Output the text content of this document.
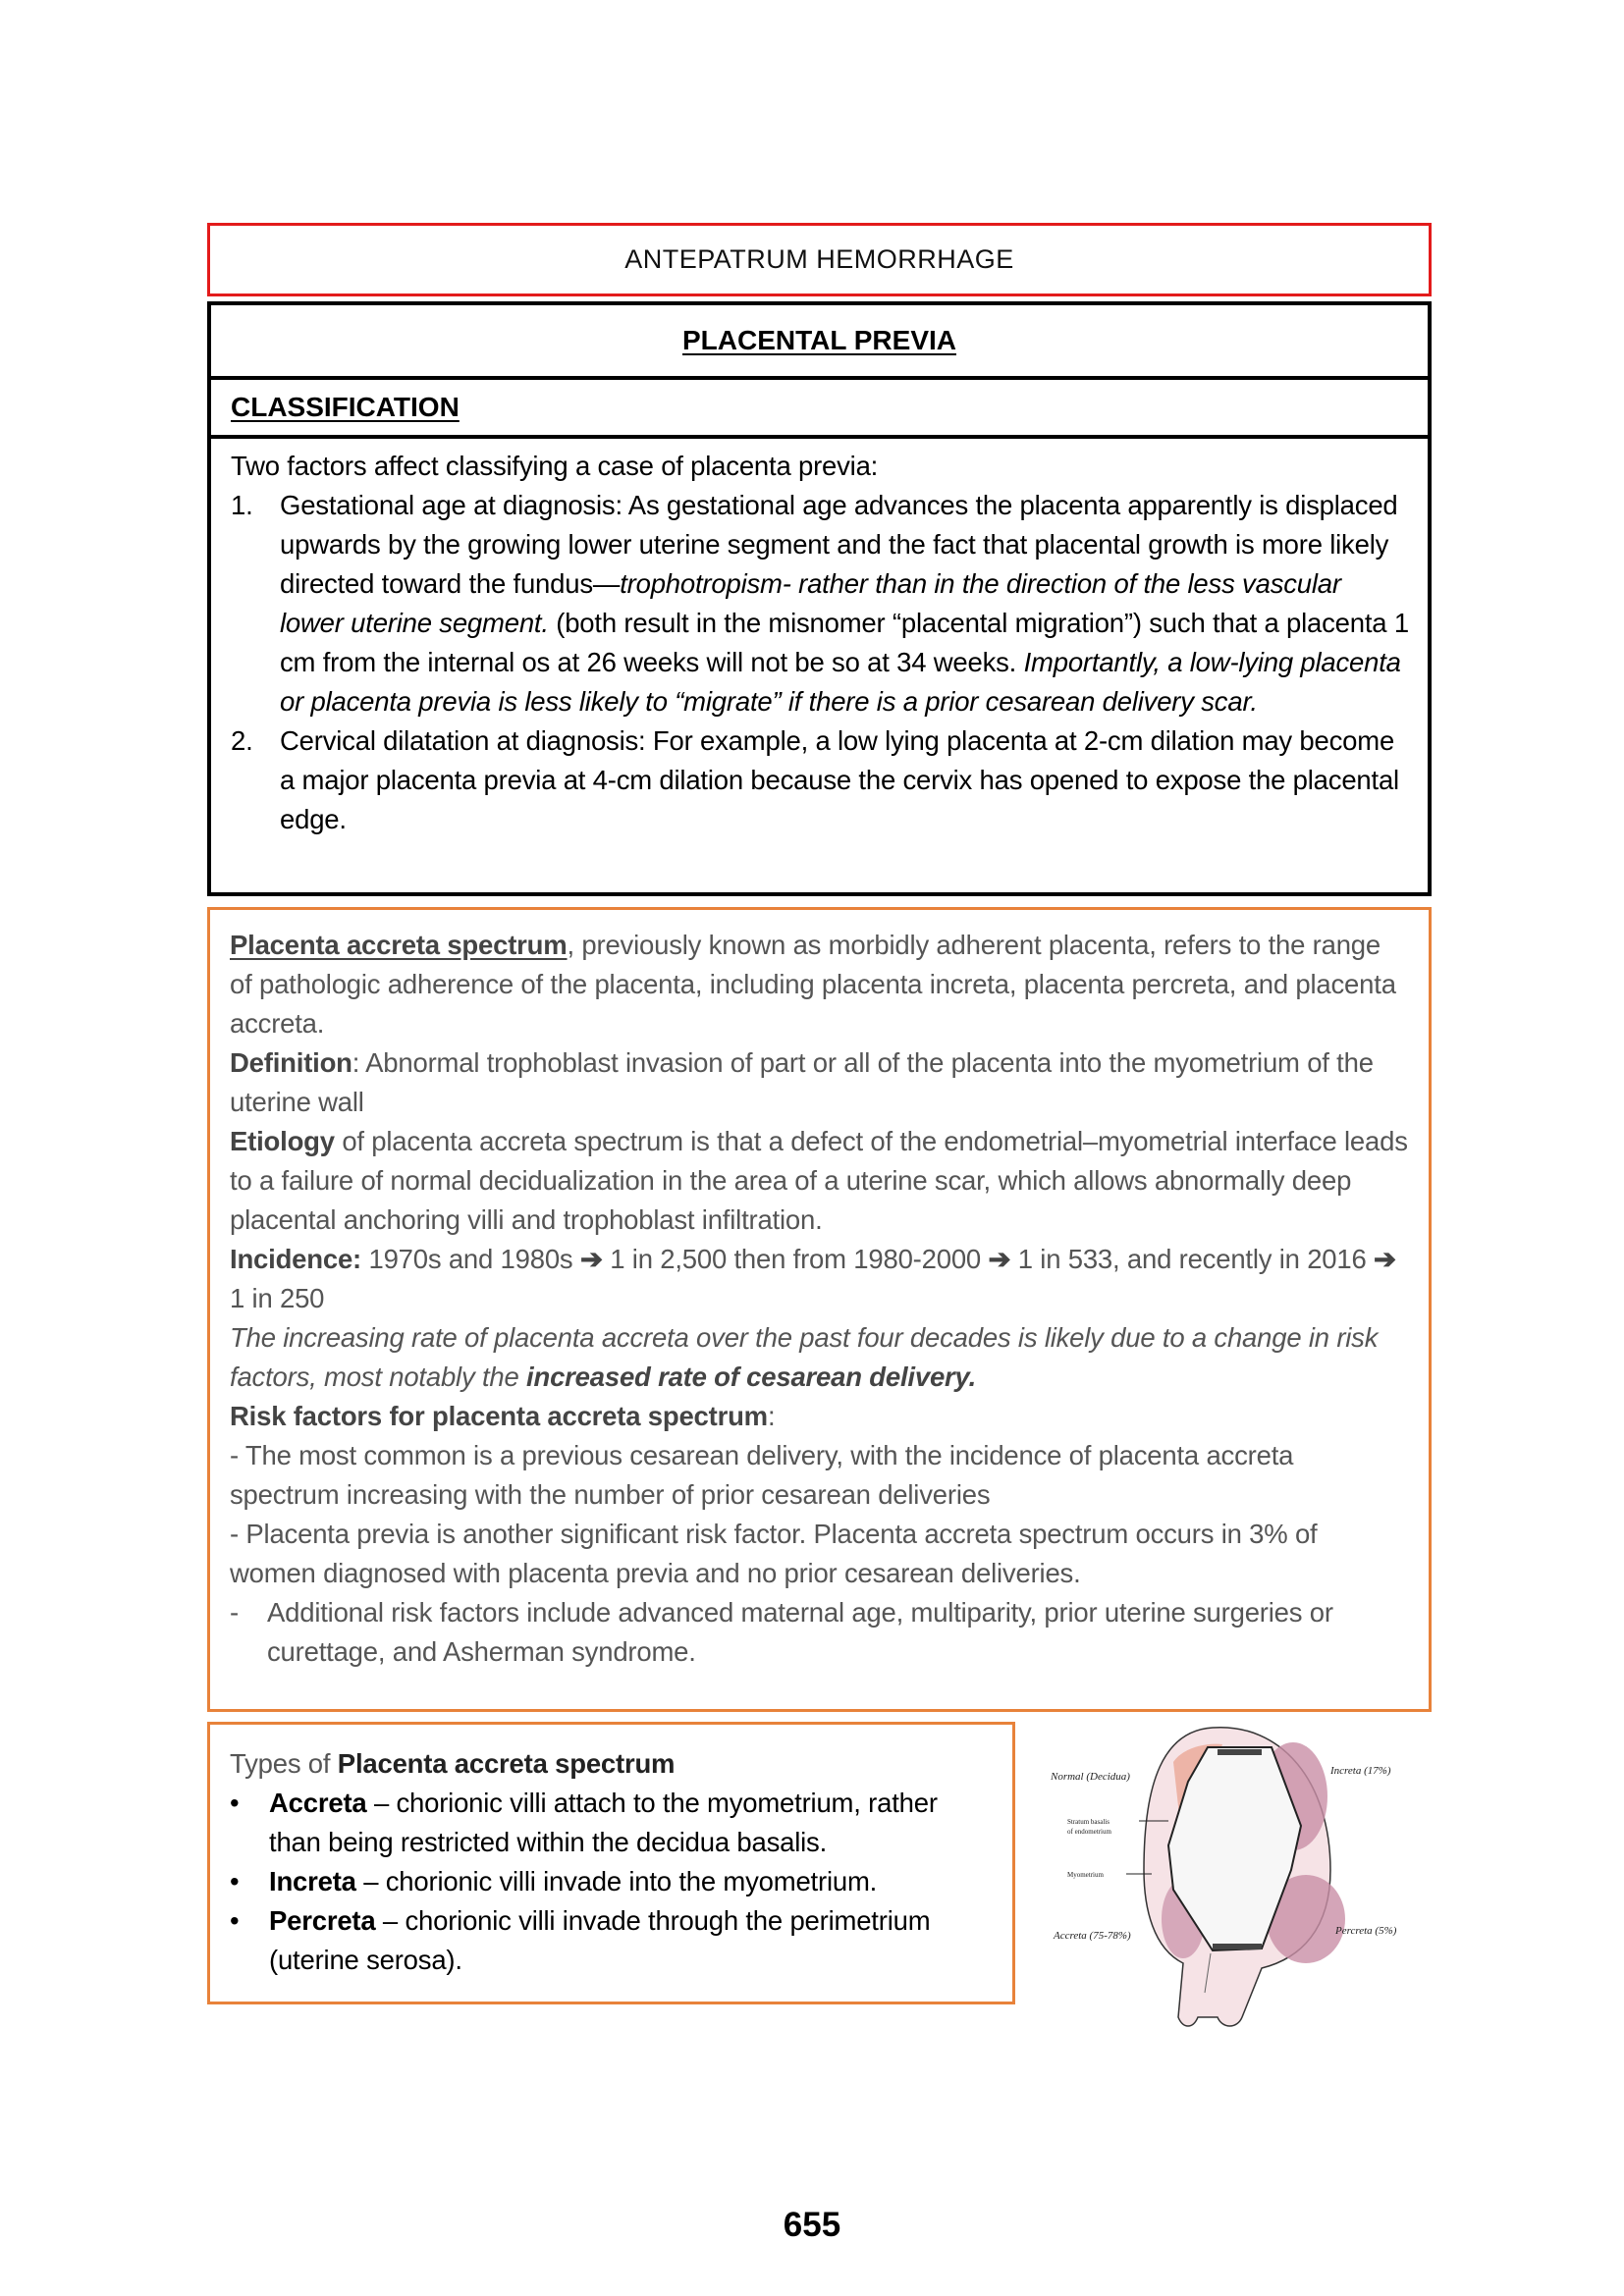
ANTEPATRUM HEMORRHAGE
PLACENTAL PREVIA
CLASSIFICATION
Two factors affect classifying a case of placenta previa:
1. Gestational age at diagnosis: As gestational age advances the placenta apparently is displaced upwards by the growing lower uterine segment and the fact that placental growth is more likely directed toward the fundus—trophotropism- rather than in the direction of the less vascular lower uterine segment. (both result in the misnomer “placental migration”) such that a placenta 1 cm from the internal os at 26 weeks will not be so at 34 weeks. Importantly, a low-lying placenta or placenta previa is less likely to “migrate” if there is a prior cesarean delivery scar.
2. Cervical dilatation at diagnosis: For example, a low lying placenta at 2-cm dilation may become a major placenta previa at 4-cm dilation because the cervix has opened to expose the placental edge.
Placenta accreta spectrum, previously known as morbidly adherent placenta, refers to the range of pathologic adherence of the placenta, including placenta increta, placenta percreta, and placenta accreta.
Definition: Abnormal trophoblast invasion of part or all of the placenta into the myometrium of the uterine wall
Etiology of placenta accreta spectrum is that a defect of the endometrial–myometrial interface leads to a failure of normal decidualization in the area of a uterine scar, which allows abnormally deep placental anchoring villi and trophoblast infiltration.
Incidence: 1970s and 1980s ➔ 1 in 2,500 then from 1980-2000 ➔ 1 in 533, and recently in 2016 ➔ 1 in 250
The increasing rate of placenta accreta over the past four decades is likely due to a change in risk factors, most notably the increased rate of cesarean delivery.
Risk factors for placenta accreta spectrum:
- The most common is a previous cesarean delivery, with the incidence of placenta accreta spectrum increasing with the number of prior cesarean deliveries
- Placenta previa is another significant risk factor. Placenta accreta spectrum occurs in 3% of women diagnosed with placenta previa and no prior cesarean deliveries.
-	Additional risk factors include advanced maternal age, multiparity, prior uterine surgeries or curettage, and Asherman syndrome.
Types of Placenta accreta spectrum
•	Accreta – chorionic villi attach to the myometrium, rather than being restricted within the decidua basalis.
•	Increta – chorionic villi invade into the myometrium.
•	Percreta – chorionic villi invade through the perimetrium (uterine serosa).
Normal (Decidua)	Increta (17%)
Stratum basalis
of endometrium
Myometrium
Accreta (75-78%)	Percreta (5%)
655
